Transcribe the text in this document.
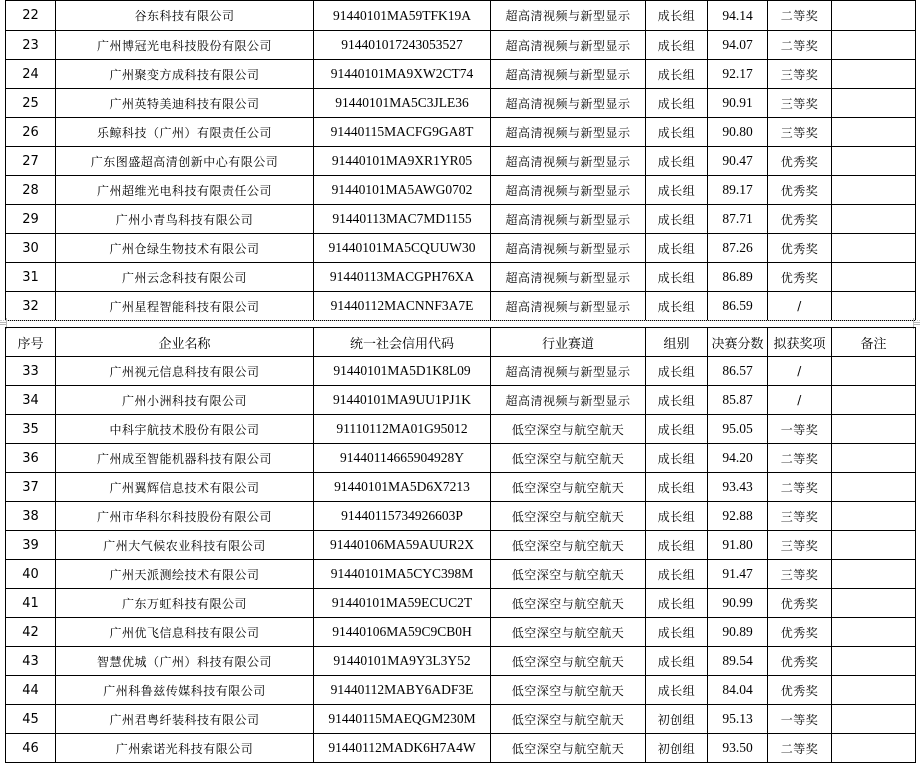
22	谷东科技有限公司	91440101MA59TFK19A	超高清视频与新型显示	成长组	94.14	二等奖	
23	广州博冠光电科技股份有限公司	914401017243053527	超高清视频与新型显示	成长组	94.07	二等奖	
24	广州聚变方成科技有限公司	91440101MA9XW2CT74	超高清视频与新型显示	成长组	92.17	三等奖	
25	广州英特美迪科技有限公司	91440101MA5C3JLE36	超高清视频与新型显示	成长组	90.91	三等奖	
26	乐鲸科技（广州）有限责任公司	91440115MACFG9GA8T	超高清视频与新型显示	成长组	90.80	三等奖	
27	广东图盛超高清创新中心有限公司	91440101MA9XR1YR05	超高清视频与新型显示	成长组	90.47	优秀奖	
28	广州超维光电科技有限责任公司	91440101MA5AWG0702	超高清视频与新型显示	成长组	89.17	优秀奖	
29	广州小青鸟科技有限公司	91440113MAC7MD1155	超高清视频与新型显示	成长组	87.71	优秀奖	
30	广州仓绿生物技术有限公司	91440101MA5CQUUW30	超高清视频与新型显示	成长组	87.26	优秀奖	
31	广州云念科技有限公司	91440113MACGPH76XA	超高清视频与新型显示	成长组	86.89	优秀奖	
32	广州星程智能科技有限公司	91440112MACNNF3A7E	超高清视频与新型显示	成长组	86.59	/	
序号	企业名称	统一社会信用代码	行业赛道	组别	决赛分数	拟获奖项	备注
33	广州视元信息科技有限公司	91440101MA5D1K8L09	超高清视频与新型显示	成长组	86.57	/	
34	广州小洲科技有限公司	91440101MA9UU1PJ1K	超高清视频与新型显示	成长组	85.87	/	
35	中科宇航技术股份有限公司	91110112MA01G95012	低空深空与航空航天	成长组	95.05	一等奖	
36	广州成至智能机器科技有限公司	91440114665904928Y	低空深空与航空航天	成长组	94.20	二等奖	
37	广州翼辉信息技术有限公司	91440101MA5D6X7213	低空深空与航空航天	成长组	93.43	二等奖	
38	广州市华科尔科技股份有限公司	91440115734926603P	低空深空与航空航天	成长组	92.88	三等奖	
39	广州大气候农业科技有限公司	91440106MA59AUUR2X	低空深空与航空航天	成长组	91.80	三等奖	
40	广州天派测绘技术有限公司	91440101MA5CYC398M	低空深空与航空航天	成长组	91.47	三等奖	
41	广东万虹科技有限公司	91440101MA59ECUC2T	低空深空与航空航天	成长组	90.99	优秀奖	
42	广州优飞信息科技有限公司	91440106MA59C9CB0H	低空深空与航空航天	成长组	90.89	优秀奖	
43	智慧优城（广州）科技有限公司	91440101MA9Y3L3Y52	低空深空与航空航天	成长组	89.54	优秀奖	
44	广州科鲁兹传媒科技有限公司	91440112MABY6ADF3E	低空深空与航空航天	成长组	84.04	优秀奖	
45	广州君粤纤装科技有限公司	91440115MAEQGM230M	低空深空与航空航天	初创组	95.13	一等奖	
46	广州索诺光科技有限公司	91440112MADK6H7A4W	低空深空与航空航天	初创组	93.50	二等奖	
